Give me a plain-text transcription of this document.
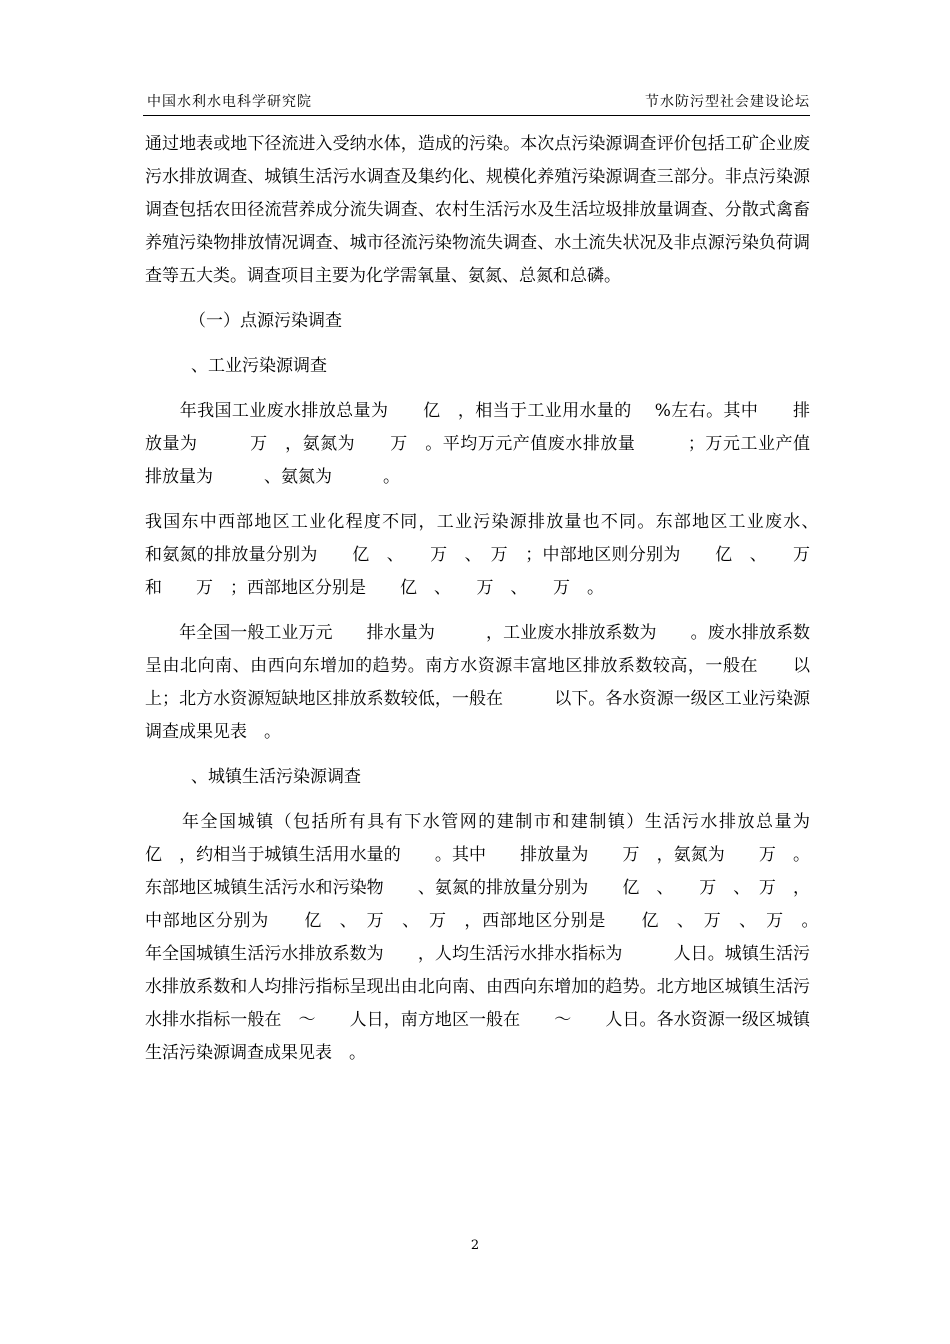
中国水利水电科学研究院	节水防污型社会建设论坛

通过地表或地下径流进入受纳水体，造成的污染。本次点污染源调查评价包括工矿企业废污水排放调查、城镇生活污水调查及集约化、规模化养殖污染源调查三部分。非点污染源调查包括农田径流营养成分流失调查、农村生活污水及生活垃圾排放量调查、分散式禽畜养殖污染物排放情况调查、城市径流污染物流失调查、水土流失状况及非点源污染负荷调查等五大类。调查项目主要为化学需氧量、氨氮、总氮和总磷。

（一）点源污染调查

、工业污染源调查

　　年我国工业废水排放总量为　　亿　，相当于工业用水量的　 %左右。其中　　排放量为　　　万　，氨氮为　　万　。平均万元产值废水排放量　　　；万元工业产值　　排放量为　　　、氨氮为　　　。

我国东中西部地区工业化程度不同，工业污染源排放量也不同。东部地区工业废水、　　和氨氮的排放量分别为　　亿　、　　万　、　万　；中部地区则分别为　　亿　、　　万　和　　万　；西部地区分别是　　亿　、　　万　、　　万　。

　　年全国一般工业万元　　排水量为　　　，工业废水排放系数为　　。废水排放系数呈由北向南、由西向东增加的趋势。南方水资源丰富地区排放系数较高，一般在　　以上；北方水资源短缺地区排放系数较低，一般在　　　以下。各水资源一级区工业污染源调查成果见表　。

、城镇生活污染源调查

　　年全国城镇（包括所有具有下水管网的建制市和建制镇）生活污水排放总量为　　亿　，约相当于城镇生活用水量的　　。其中　　排放量为　　万　，氨氮为　　万　。东部地区城镇生活污水和污染物　　、氨氮的排放量分别为　　亿　、　　万　、　万　，中部地区分别为　　亿　、　万　、　万　，西部地区分别是　　亿　、　万　、　万　。　　年全国城镇生活污水排放系数为　　，人均生活污水排水指标为　　　人日。城镇生活污水排放系数和人均排污指标呈现出由北向南、由西向东增加的趋势。北方地区城镇生活污水排水指标一般在　～　　人日，南方地区一般在　　～　　人日。各水资源一级区城镇生活污染源调查成果见表　。

2
